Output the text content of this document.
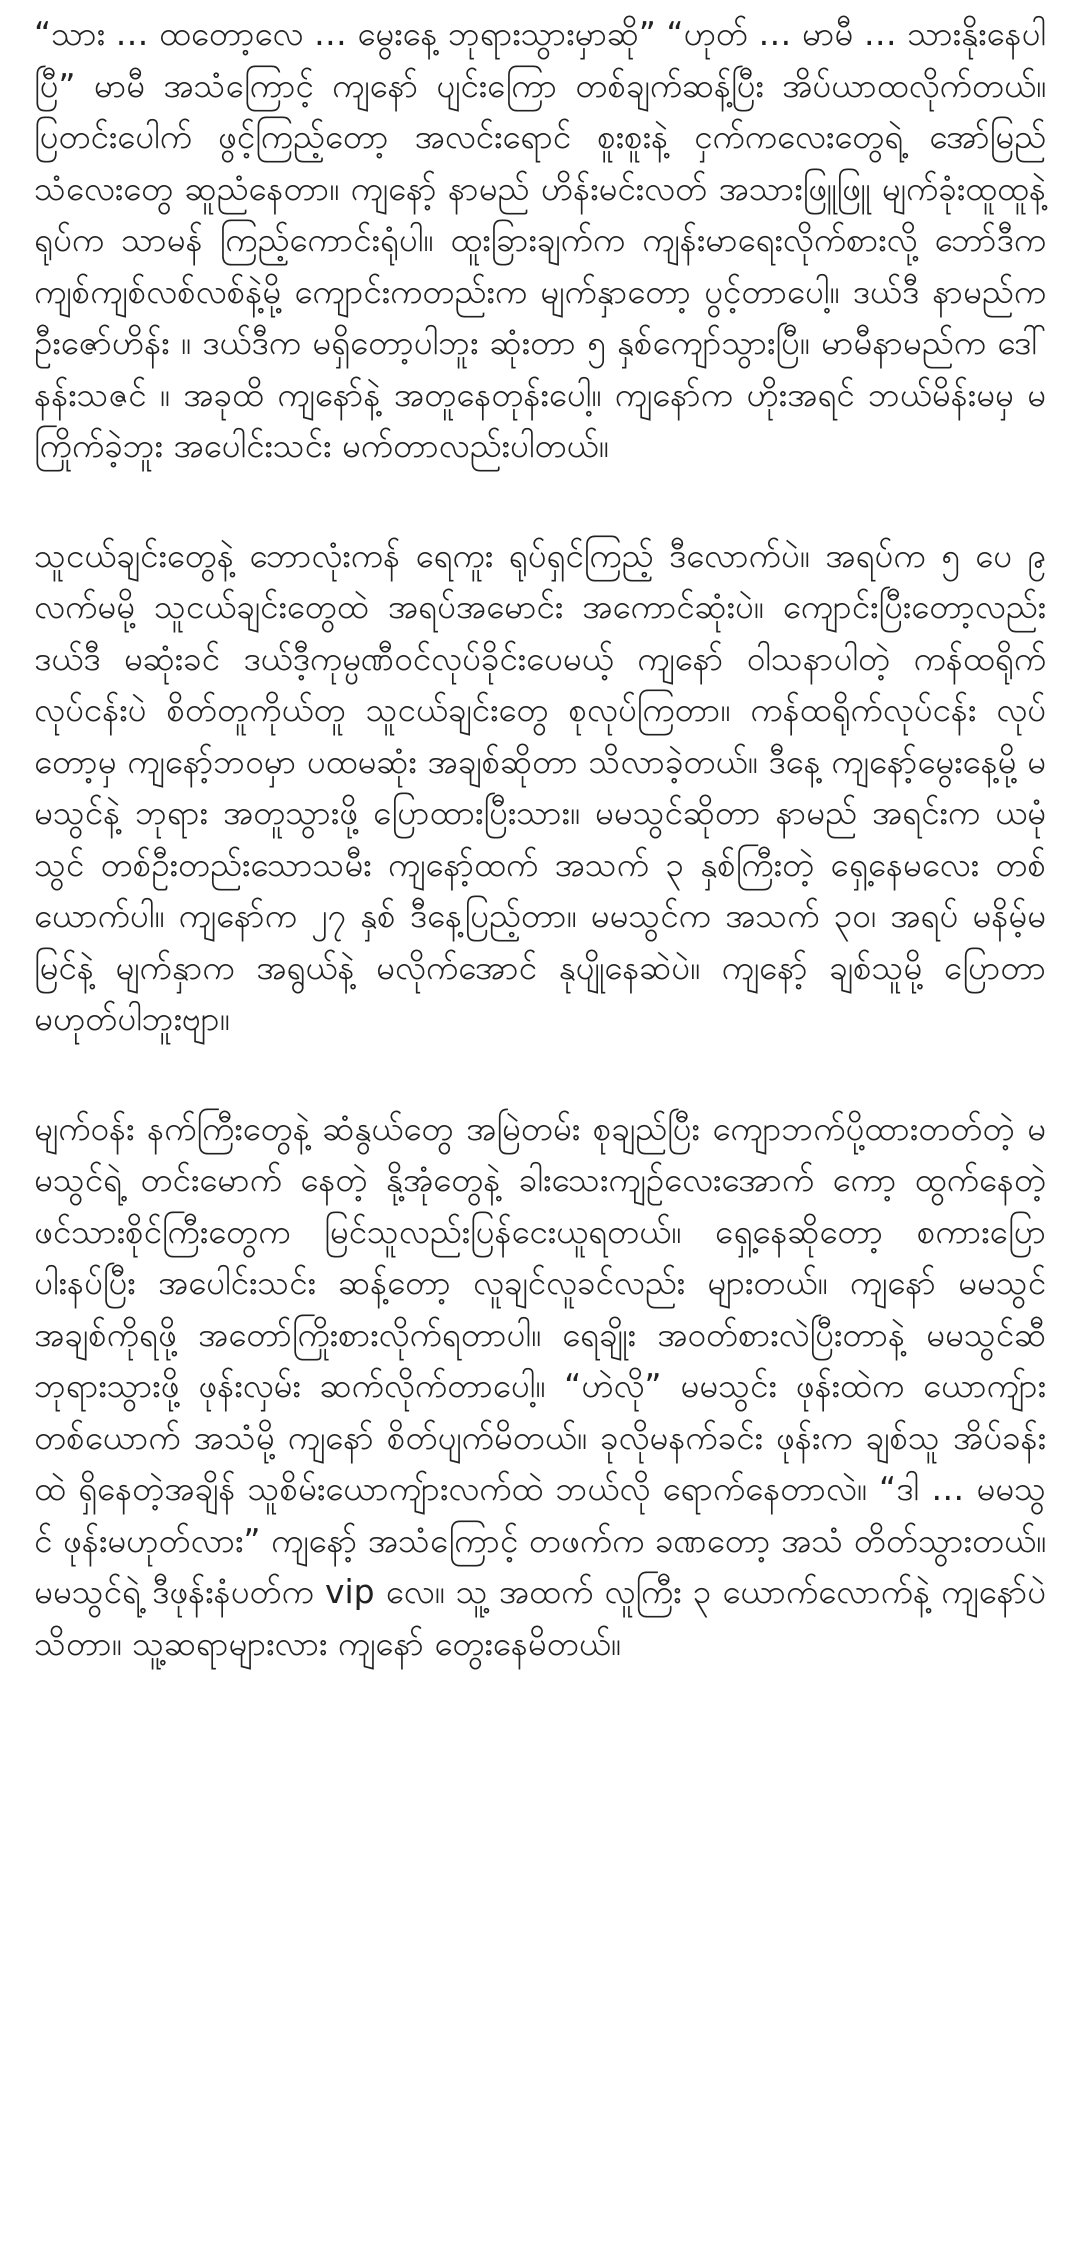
“သား … ထတော့လေ … မွေးနေ့ ဘုရားသွားမှာဆို” “ဟုတ် … မာမီ … သားနိုးနေပါပြီ” မာမီ အသံကြောင့် ကျနော် ပျင်းကြော တစ်ချက်ဆန့်ပြီး အိပ်ယာထလိုက်တယ်။ ပြတင်းပေါက် ဖွင့်ကြည့်တော့ အလင်းရောင် စူးစူးနဲ့ ငှက်ကလေးတွေရဲ့ အော်မြည်သံလေးတွေ ဆူညံနေတာ။ ကျနော့် နာမည် ဟိန်းမင်းလတ် အသားဖြူဖြူ မျက်ခုံးထူထူနဲ့ ရုပ်က သာမန် ကြည့်ကောင်းရုံပါ။ ထူးခြားချက်က ကျန်းမာရေးလိုက်စားလို့ ဘော်ဒီက ကျစ်ကျစ်လစ်လစ်နဲ့မို့ ကျောင်းကတည်းက မျက်နှာတော့ ပွင့်တာပေါ့။ ဒယ်ဒီ နာမည်က ဦးဇော်ဟိန်း ။ ဒယ်ဒီက မရှိတော့ပါဘူး ဆုံးတာ ၅ နှစ်ကျော်သွားပြီ။ မာမီနာမည်က ဒေါ်နန်းသဇင် ။ အခုထိ ကျနော်နဲ့ အတူနေတုန်းပေါ့။ ကျနော်က ဟိုးအရင် ဘယ်မိန်းမမှ မကြိုက်ခဲ့ဘူး အပေါင်းသင်း မက်တာလည်းပါတယ်။

သူငယ်ချင်းတွေနဲ့ ဘောလုံးကန် ရေကူး ရုပ်ရှင်ကြည့် ဒီလောက်ပဲ။ အရပ်က ၅ ပေ ၉ လက်မမို့ သူငယ်ချင်းတွေထဲ အရပ်အမောင်း အကောင်ဆုံးပဲ။ ကျောင်းပြီးတော့လည်း ဒယ်ဒီ မဆုံးခင် ဒယ်ဒီ့ကုမ္ပဏီဝင်လုပ်ခိုင်းပေမယ့် ကျနော် ဝါသနာပါတဲ့ ကန်ထရိုက် လုပ်ငန်းပဲ စိတ်တူကိုယ်တူ သူငယ်ချင်းတွေ စုလုပ်ကြတာ။ ကန်ထရိုက်လုပ်ငန်း လုပ်တော့မှ ကျနော့်ဘဝမှာ ပထမဆုံး အချစ်ဆိုတာ သိလာခဲ့တယ်။ ဒီနေ့ ကျနော့်မွေးနေ့မို့ မမသွင်နဲ့ ဘုရား အတူသွားဖို့ ပြောထားပြီးသား။ မမသွင်ဆိုတာ နာမည် အရင်းက ယမုံသွင် တစ်ဦးတည်းသောသမီး ကျနော့်ထက် အသက် ၃ နှစ်ကြီးတဲ့ ရှေ့နေမလေး တစ်ယောက်ပါ။ ကျနော်က ၂၇ နှစ် ဒီနေ့ပြည့်တာ။ မမသွင်က အသက် ၃၀၊ အရပ် မနိမ့်မမြင်နဲ့ မျက်နှာက အရွယ်နဲ့ မလိုက်အောင် နုပျိုနေဆဲပဲ။ ကျနော့် ချစ်သူမို့ ပြောတာ မဟုတ်ပါဘူးဗျာ။

မျက်ဝန်း နက်ကြီးတွေနဲ့ ဆံနွယ်တွေ အမြဲတမ်း စုချည်ပြီး ကျောဘက်ပို့ထားတတ်တဲ့ မမသွင်ရဲ့ တင်းမောက် နေတဲ့ နို့အုံတွေနဲ့ ခါးသေးကျဉ်လေးအောက် ကော့ ထွက်နေတဲ့ ဖင်သားစိုင်ကြီးတွေက မြင်သူလည်းပြန်ငေးယူရတယ်။ ရှေ့နေဆိုတော့ စကားပြော ပါးနပ်ပြီး အပေါင်းသင်း ဆန့်တော့ လူချင်လူခင်လည်း များတယ်။ ကျနော် မမသွင် အချစ်ကိုရဖို့ အတော်ကြိုးစားလိုက်ရတာပါ။ ရေချိုး အဝတ်စားလဲပြီးတာနဲ့ မမသွင်ဆီ ဘုရားသွားဖို့ ဖုန်းလှမ်း ဆက်လိုက်တာပေါ့။ “ဟဲလို” မမသွင်း ဖုန်းထဲက ယောကျ်ားတစ်ယောက် အသံမို့ ကျနော် စိတ်ပျက်မိတယ်။ ခုလိုမနက်ခင်း ဖုန်းက ချစ်သူ အိပ်ခန်းထဲ ရှိနေတဲ့အချိန် သူစိမ်းယောကျ်ားလက်ထဲ ဘယ်လို ရောက်နေတာလဲ။ “ဒါ … မမသွင် ဖုန်းမဟုတ်လား” ကျနော့် အသံကြောင့် တဖက်က ခဏတော့ အသံ တိတ်သွားတယ်။ မမသွင်ရဲ့ ဒီဖုန်းနံပတ်က vip လေ။ သူ့ အထက် လူကြီး ၃ ယောက်လောက်နဲ့ ကျနော်ပဲ သိတာ။ သူ့ဆရာများလား ကျနော် တွေးနေမိတယ်။
